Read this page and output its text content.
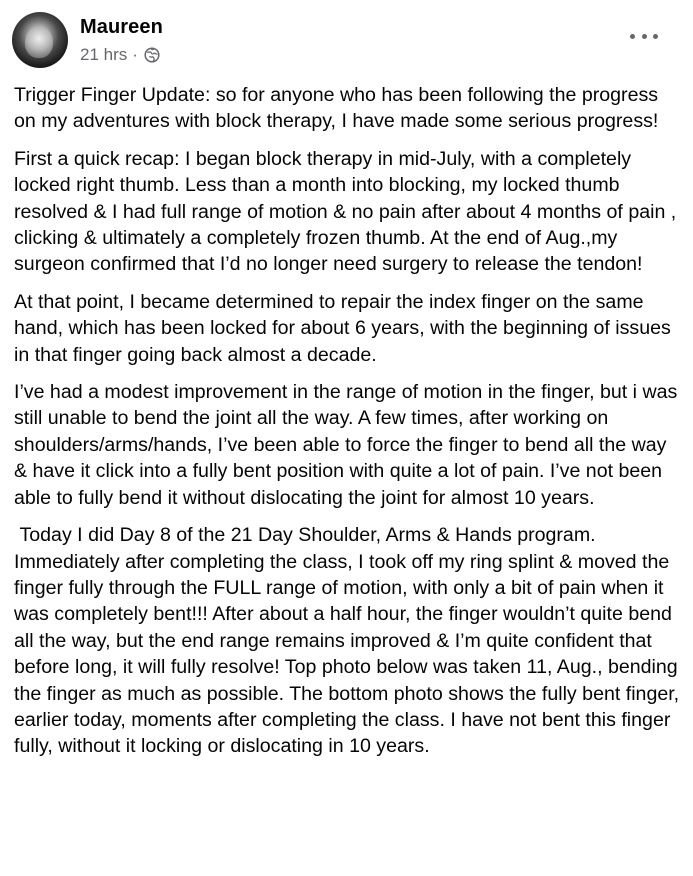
Maureen
21 hrs ·

Trigger Finger Update: so for anyone who has been following the progress on my adventures with block therapy, I have made some serious progress!

First a quick recap: I began block therapy in mid-July, with a completely locked right thumb. Less than a month into blocking, my locked thumb resolved & I had full range of motion & no pain after about 4 months of pain , clicking & ultimately a completely frozen thumb. At the end of Aug.,my surgeon confirmed that I’d no longer need surgery to release the tendon!

At that point, I became determined to repair the index finger on the same hand, which has been locked for about 6 years, with the beginning of issues in that finger going back almost a decade.

I’ve had a modest improvement in the range of motion in the finger, but i was still unable to bend the joint all the way. A few times, after working on shoulders/arms/hands, I’ve been able to force the finger to bend all the way & have it click into a fully bent position with quite a lot of pain. I’ve not been able to fully bend it without dislocating the joint for almost 10 years.

Today I did Day 8 of the 21 Day Shoulder, Arms & Hands program. Immediately after completing the class, I took off my ring splint & moved the finger fully through the FULL range of motion, with only a bit of pain when it was completely bent!!! After about a half hour, the finger wouldn’t quite bend all the way, but the end range remains improved & I’m quite confident that before long, it will fully resolve! Top photo below was taken 11, Aug., bending the finger as much as possible. The bottom photo shows the fully bent finger, earlier today, moments after completing the class. I have not bent this finger fully, without it locking or dislocating in 10 years.
